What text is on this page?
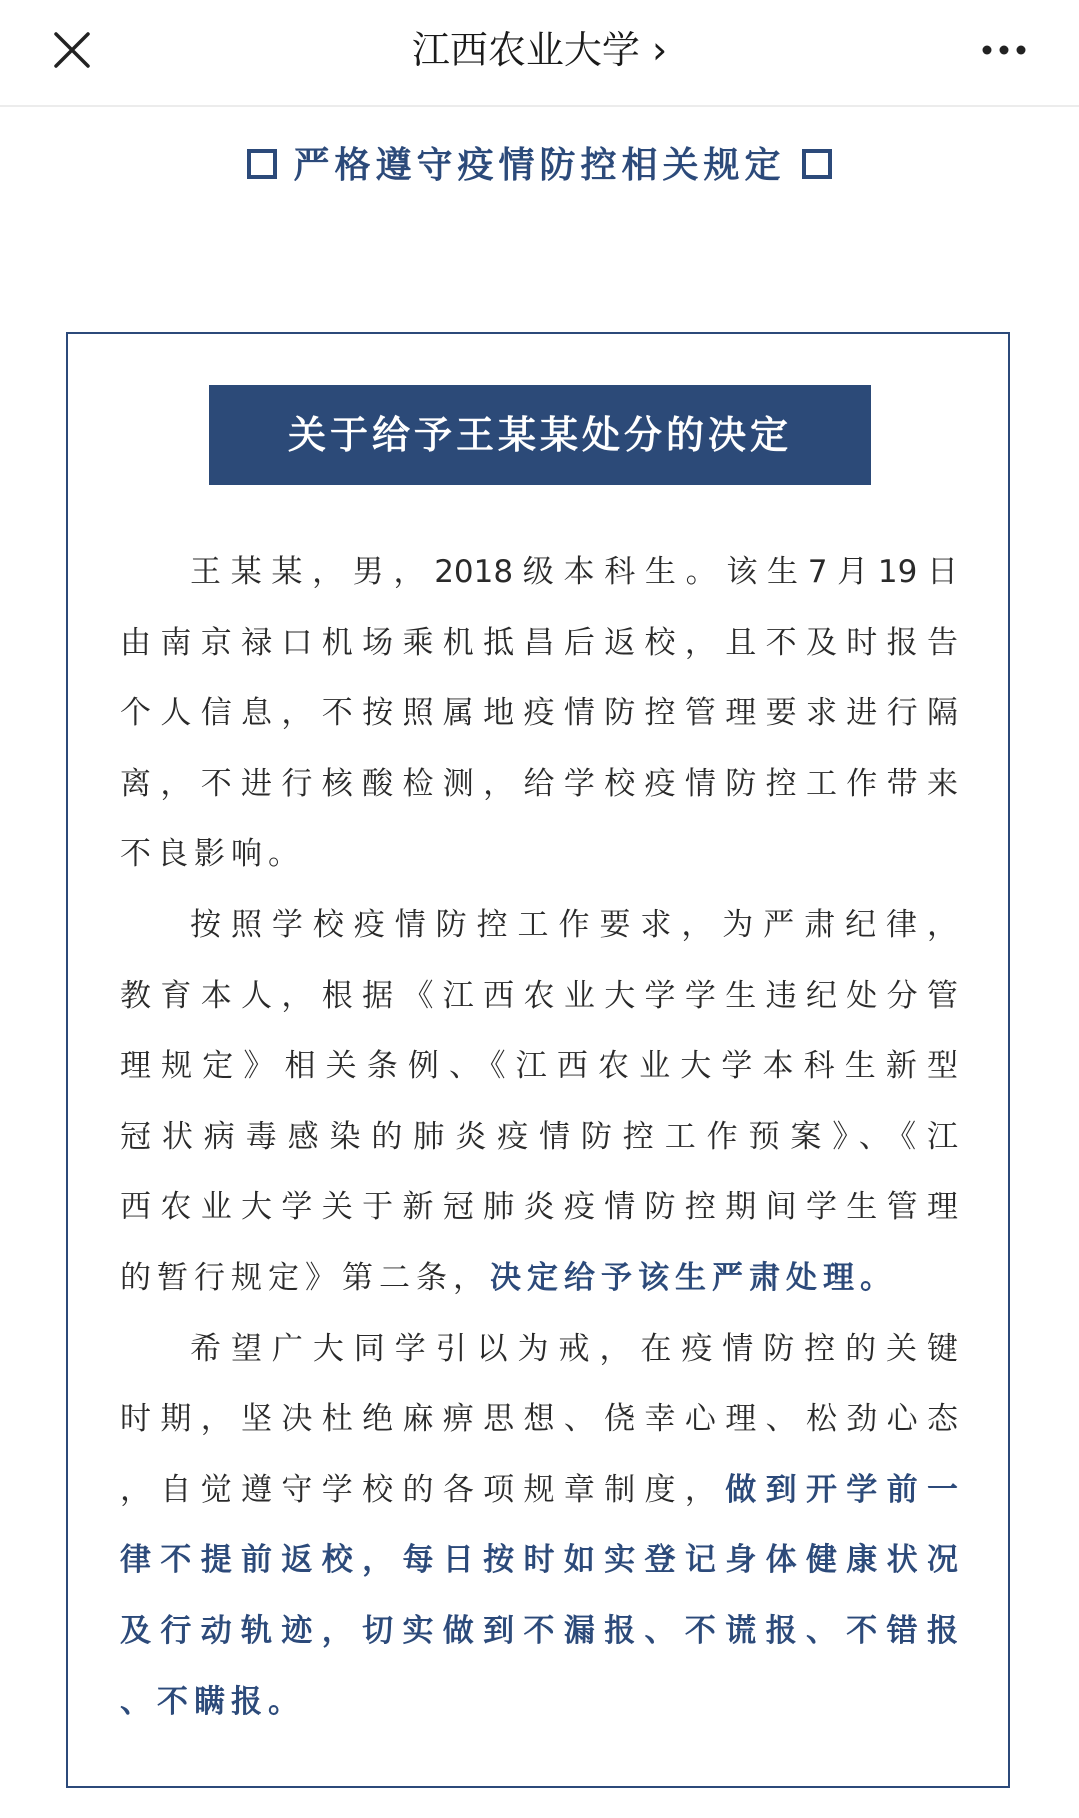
江西农业大学 ›
严格遵守疫情防控相关规定
关于给予王某某处分的决定
王某某，男，2018级本科生。该生7月19日
由南京禄口机场乘机抵昌后返校，且不及时报告
个人信息，不按照属地疫情防控管理要求进行隔
离，不进行核酸检测，给学校疫情防控工作带来
不良影响。
按照学校疫情防控工作要求，为严肃纪律，
教育本人，根据《江西农业大学学生违纪处分管
理规定》相关条例、《江西农业大学本科生新型
冠状病毒感染的肺炎疫情防控工作预案》、《江
西农业大学关于新冠肺炎疫情防控期间学生管理
的暂行规定》第二条，决定给予该生严肃处理。
希望广大同学引以为戒，在疫情防控的关键
时期，坚决杜绝麻痹思想、侥幸心理、松劲心态
，自觉遵守学校的各项规章制度，做到开学前一
律不提前返校，每日按时如实登记身体健康状况
及行动轨迹，切实做到不漏报、不谎报、不错报
、不瞒报。
